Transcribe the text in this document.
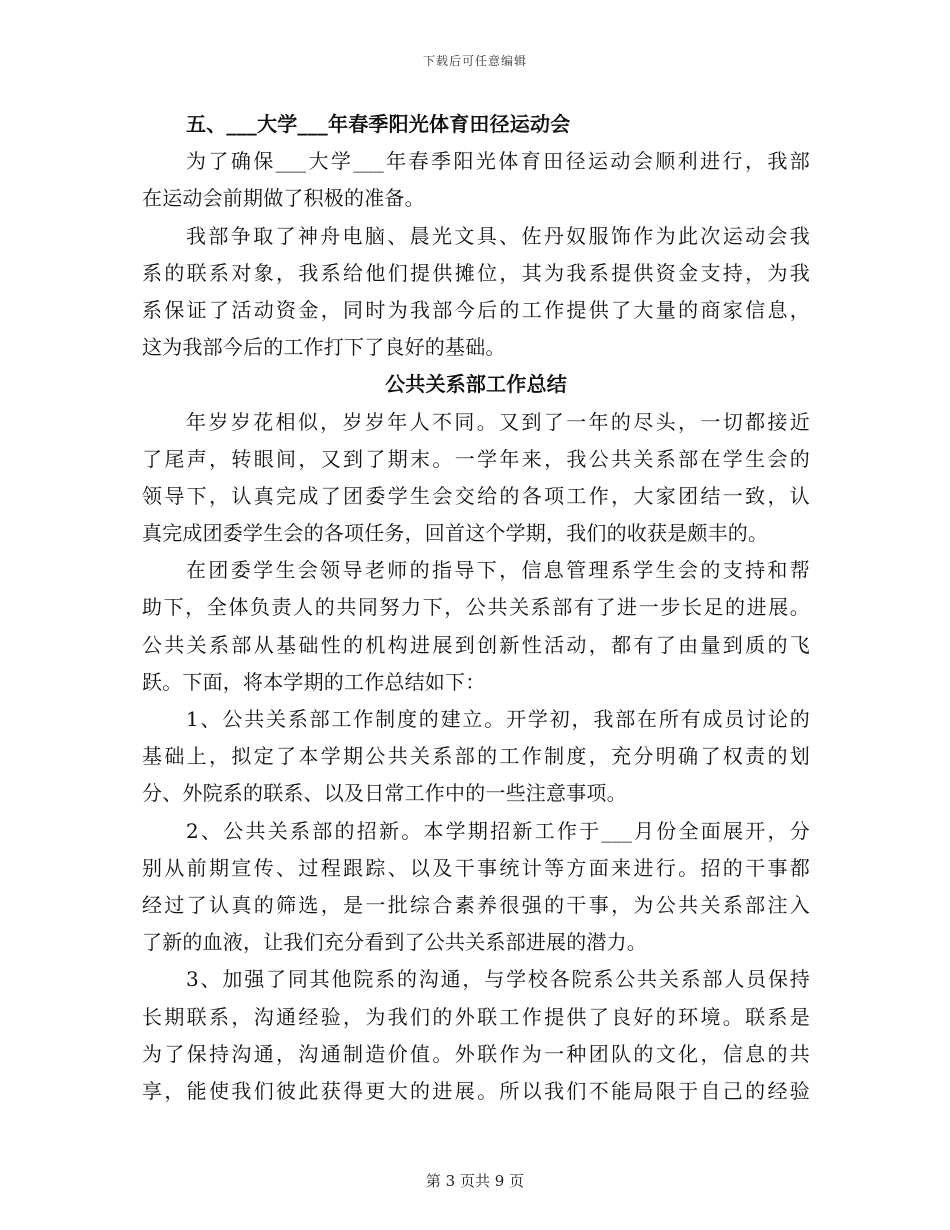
下载后可任意编辑
五、___大学___年春季阳光体育田径运动会
为了确保___大学___年春季阳光体育田径运动会顺利进行，我部
在运动会前期做了积极的准备。
我部争取了神舟电脑、晨光文具、佐丹奴服饰作为此次运动会我
系的联系对象，我系给他们提供摊位，其为我系提供资金支持，为我
系保证了活动资金，同时为我部今后的工作提供了大量的商家信息，
这为我部今后的工作打下了良好的基础。
公共关系部工作总结
年岁岁花相似，岁岁年人不同。又到了一年的尽头，一切都接近
了尾声，转眼间，又到了期末。一学年来，我公共关系部在学生会的
领导下，认真完成了团委学生会交给的各项工作，大家团结一致，认
真完成团委学生会的各项任务，回首这个学期，我们的收获是颇丰的。
在团委学生会领导老师的指导下，信息管理系学生会的支持和帮
助下，全体负责人的共同努力下，公共关系部有了进一步长足的进展。
公共关系部从基础性的机构进展到创新性活动，都有了由量到质的飞
跃。下面，将本学期的工作总结如下：
1、公共关系部工作制度的建立。开学初，我部在所有成员讨论的
基础上，拟定了本学期公共关系部的工作制度，充分明确了权责的划
分、外院系的联系、以及日常工作中的一些注意事项。
2、公共关系部的招新。本学期招新工作于___月份全面展开，分
别从前期宣传、过程跟踪、以及干事统计等方面来进行。招的干事都
经过了认真的筛选，是一批综合素养很强的干事，为公共关系部注入
了新的血液，让我们充分看到了公共关系部进展的潜力。
3、加强了同其他院系的沟通，与学校各院系公共关系部人员保持
长期联系，沟通经验，为我们的外联工作提供了良好的环境。联系是
为了保持沟通，沟通制造价值。外联作为一种团队的文化，信息的共
享，能使我们彼此获得更大的进展。所以我们不能局限于自己的经验
第 3 页共 9 页
